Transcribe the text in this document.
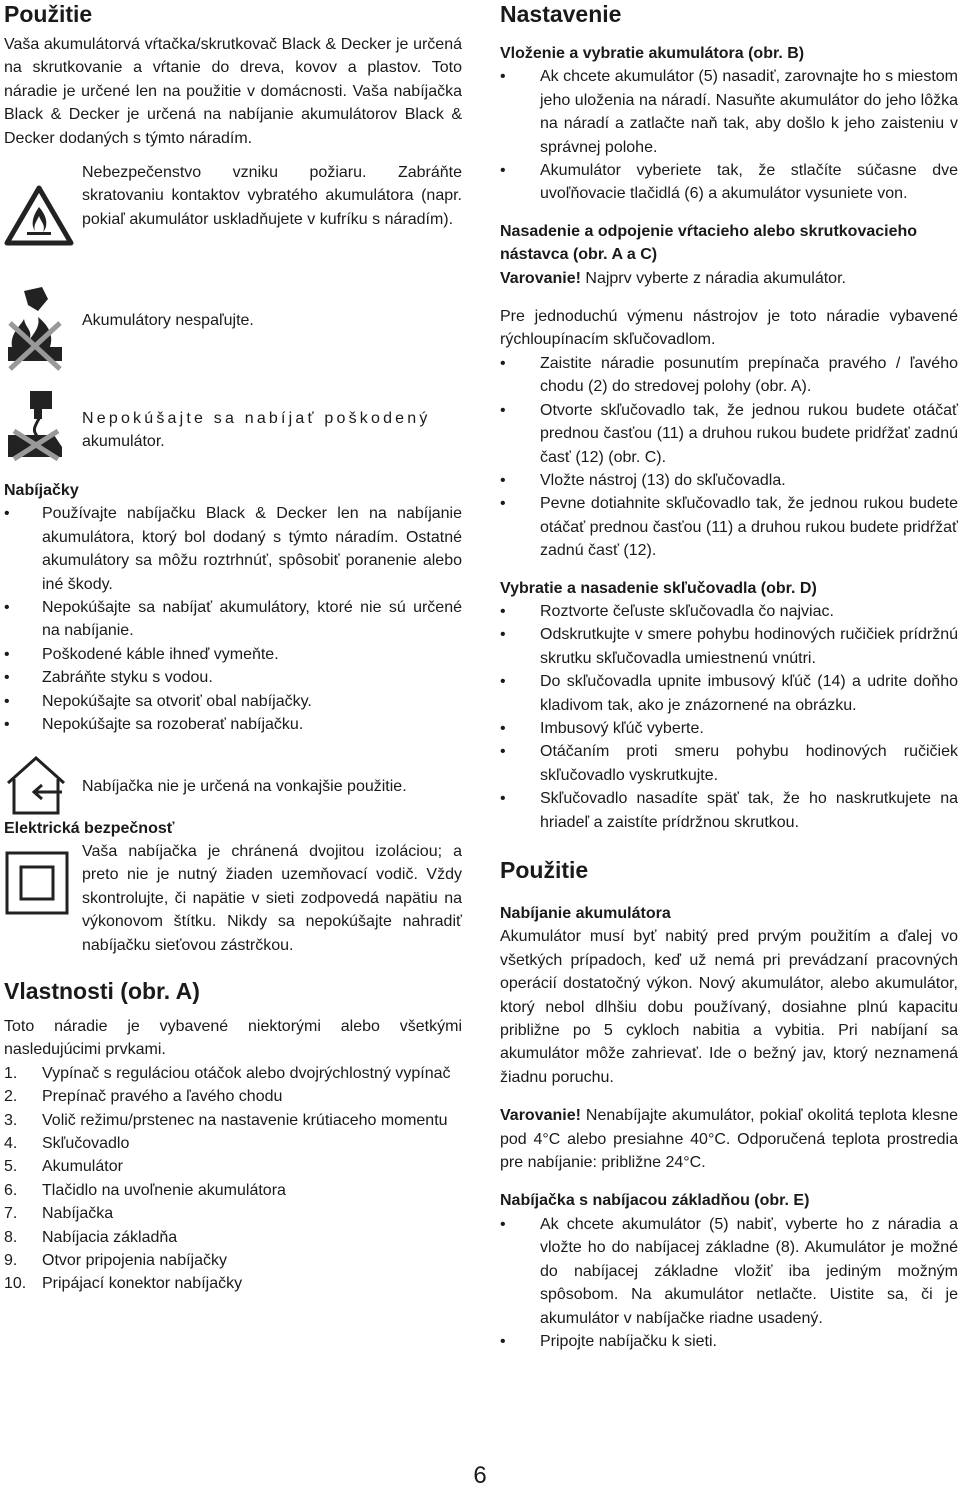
Použitie

Vaša akumulátorvá vŕtačka/skrutkovač Black & Decker je určená na skrutkovanie a vŕtanie do dreva, kovov a plastov. Toto náradie je určené len na použitie v domácnosti. Vaša nabíjačka Black & Decker je určená na nabíjanie akumulátorov Black & Decker dodaných s týmto náradím.

Nebezpečenstvo vzniku požiaru. Zabráňte skratovaniu kontaktov vybratého akumulátora (napr. pokiaľ akumulátor uskladňujete v kufríku s náradím).

Akumulátory nespaľujte.

Nepokúšajte sa nabíjať poškodený

akumulátor.

Nabíjačky
• Používajte nabíjačku Black & Decker len na nabíjanie akumulátora, ktorý bol dodaný s týmto náradím. Ostatné akumulátory sa môžu roztrhnúť, spôsobiť poranenie alebo iné škody.
• Nepokúšajte sa nabíjať akumulátory, ktoré nie sú určené na nabíjanie.
• Poškodené káble ihneď vymeňte.
• Zabráňte styku s vodou.
• Nepokúšajte sa otvoriť obal nabíjačky.
• Nepokúšajte sa rozoberať nabíjačku.

Nabíjačka nie je určená na vonkajšie použitie.

Elektrická bezpečnosť

Vaša nabíjačka je chránená dvojitou izoláciou; a preto nie je nutný žiaden uzemňovací vodič. Vždy skontrolujte, či napätie v sieti zodpovedá napätiu na výkonovom štítku. Nikdy sa nepokúšajte nahradiť nabíjačku sieťovou zástrčkou.

Vlastnosti (obr. A)

Toto náradie je vybavené niektorými alebo všetkými nasledujúcimi prvkami.

1. Vypínač s reguláciou otáčok alebo dvojrýchlostný vypínač
2. Prepínač pravého a ľavého chodu
3. Volič režimu/prstenec na nastavenie krútiaceho momentu
4. Skľučovadlo
5. Akumulátor
6. Tlačidlo na uvoľnenie akumulátora
7. Nabíjačka
8. Nabíjacia základňa
9. Otvor pripojenia nabíjačky
10. Pripájací konektor nabíjačky
Nastavenie
Vloženie a vybratie akumulátora (obr. B)
• Ak chcete akumulátor (5) nasadiť, zarovnajte ho s miestom jeho uloženia na náradí. Nasuňte akumulátor do jeho lôžka na náradí a zatlačte naň tak, aby došlo k jeho zaisteniu v správnej polohe.
• Akumulátor vyberiete tak, že stlačíte súčasne dve uvoľňovacie tlačidlá (6) a akumulátor vysuniete von.
Nasadenie a odpojenie vŕtacieho alebo skrutkovacieho nástavca (obr. A a C)

Varovanie! Najprv vyberte z náradia akumulátor.

Pre jednoduchú výmenu nástrojov je toto náradie vybavené rýchloupínacím skľučovadlom.

• Zaistite náradie posunutím prepínača pravého / ľavého chodu (2) do stredovej polohy (obr. A).
• Otvorte skľučovadlo tak, že jednou rukou budete otáčať prednou časťou (11) a druhou rukou budete pridŕžať zadnú časť (12) (obr. C).
• Vložte nástroj (13) do skľučovadla.
• Pevne dotiahnite skľučovadlo tak, že jednou rukou budete otáčať prednou časťou (11) a druhou rukou budete pridŕžať zadnú časť (12).
Vybratie a nasadenie skľučovadla (obr. D)
• Roztvorte čeľuste skľučovadla čo najviac.
• Odskrutkujte v smere pohybu hodinových ručičiek prídržnú skrutku skľučovadla umiestnenú vnútri.
• Do skľučovadla upnite imbusový kľúč (14) a udrite doňho kladivom tak, ako je znázornené na obrázku.
• Imbusový kľúč vyberte.
• Otáčaním proti smeru pohybu hodinových ručičiek skľučovadlo vyskrutkujte.
• Skľučovadlo nasadíte späť tak, že ho naskrutkujete na hriadeľ a zaistíte prídržnou skrutkou.
Použitie
Nabíjanie akumulátora

Akumulátor musí byť nabitý pred prvým použitím a ďalej vo všetkých prípadoch, keď už nemá pri prevádzaní pracovných operácií dostatočný výkon. Nový akumulátor, alebo akumulátor, ktorý nebol dlhšiu dobu používaný, dosiahne plnú kapacitu približne po 5 cykloch nabitia a vybitia. Pri nabíjaní sa akumulátor môže zahrievať. Ide o bežný jav, ktorý neznamená žiadnu poruchu.

Varovanie! Nenabíjajte akumulátor, pokiaľ okolitá teplota klesne pod 4°C alebo presiahne 40°C. Odporučená teplota prostredia pre nabíjanie: približne 24°C.

Nabíjačka s nabíjacou základňou (obr. E)
• Ak chcete akumulátor (5) nabiť, vyberte ho z náradia a vložte ho do nabíjacej základne (8). Akumulátor je možné do nabíjacej základne vložiť iba jediným možným spôsobom. Na akumulátor netlačte. Uistite sa, či je akumulátor v nabíjačke riadne usadený.
• Pripojte nabíjačku k sieti.
6
